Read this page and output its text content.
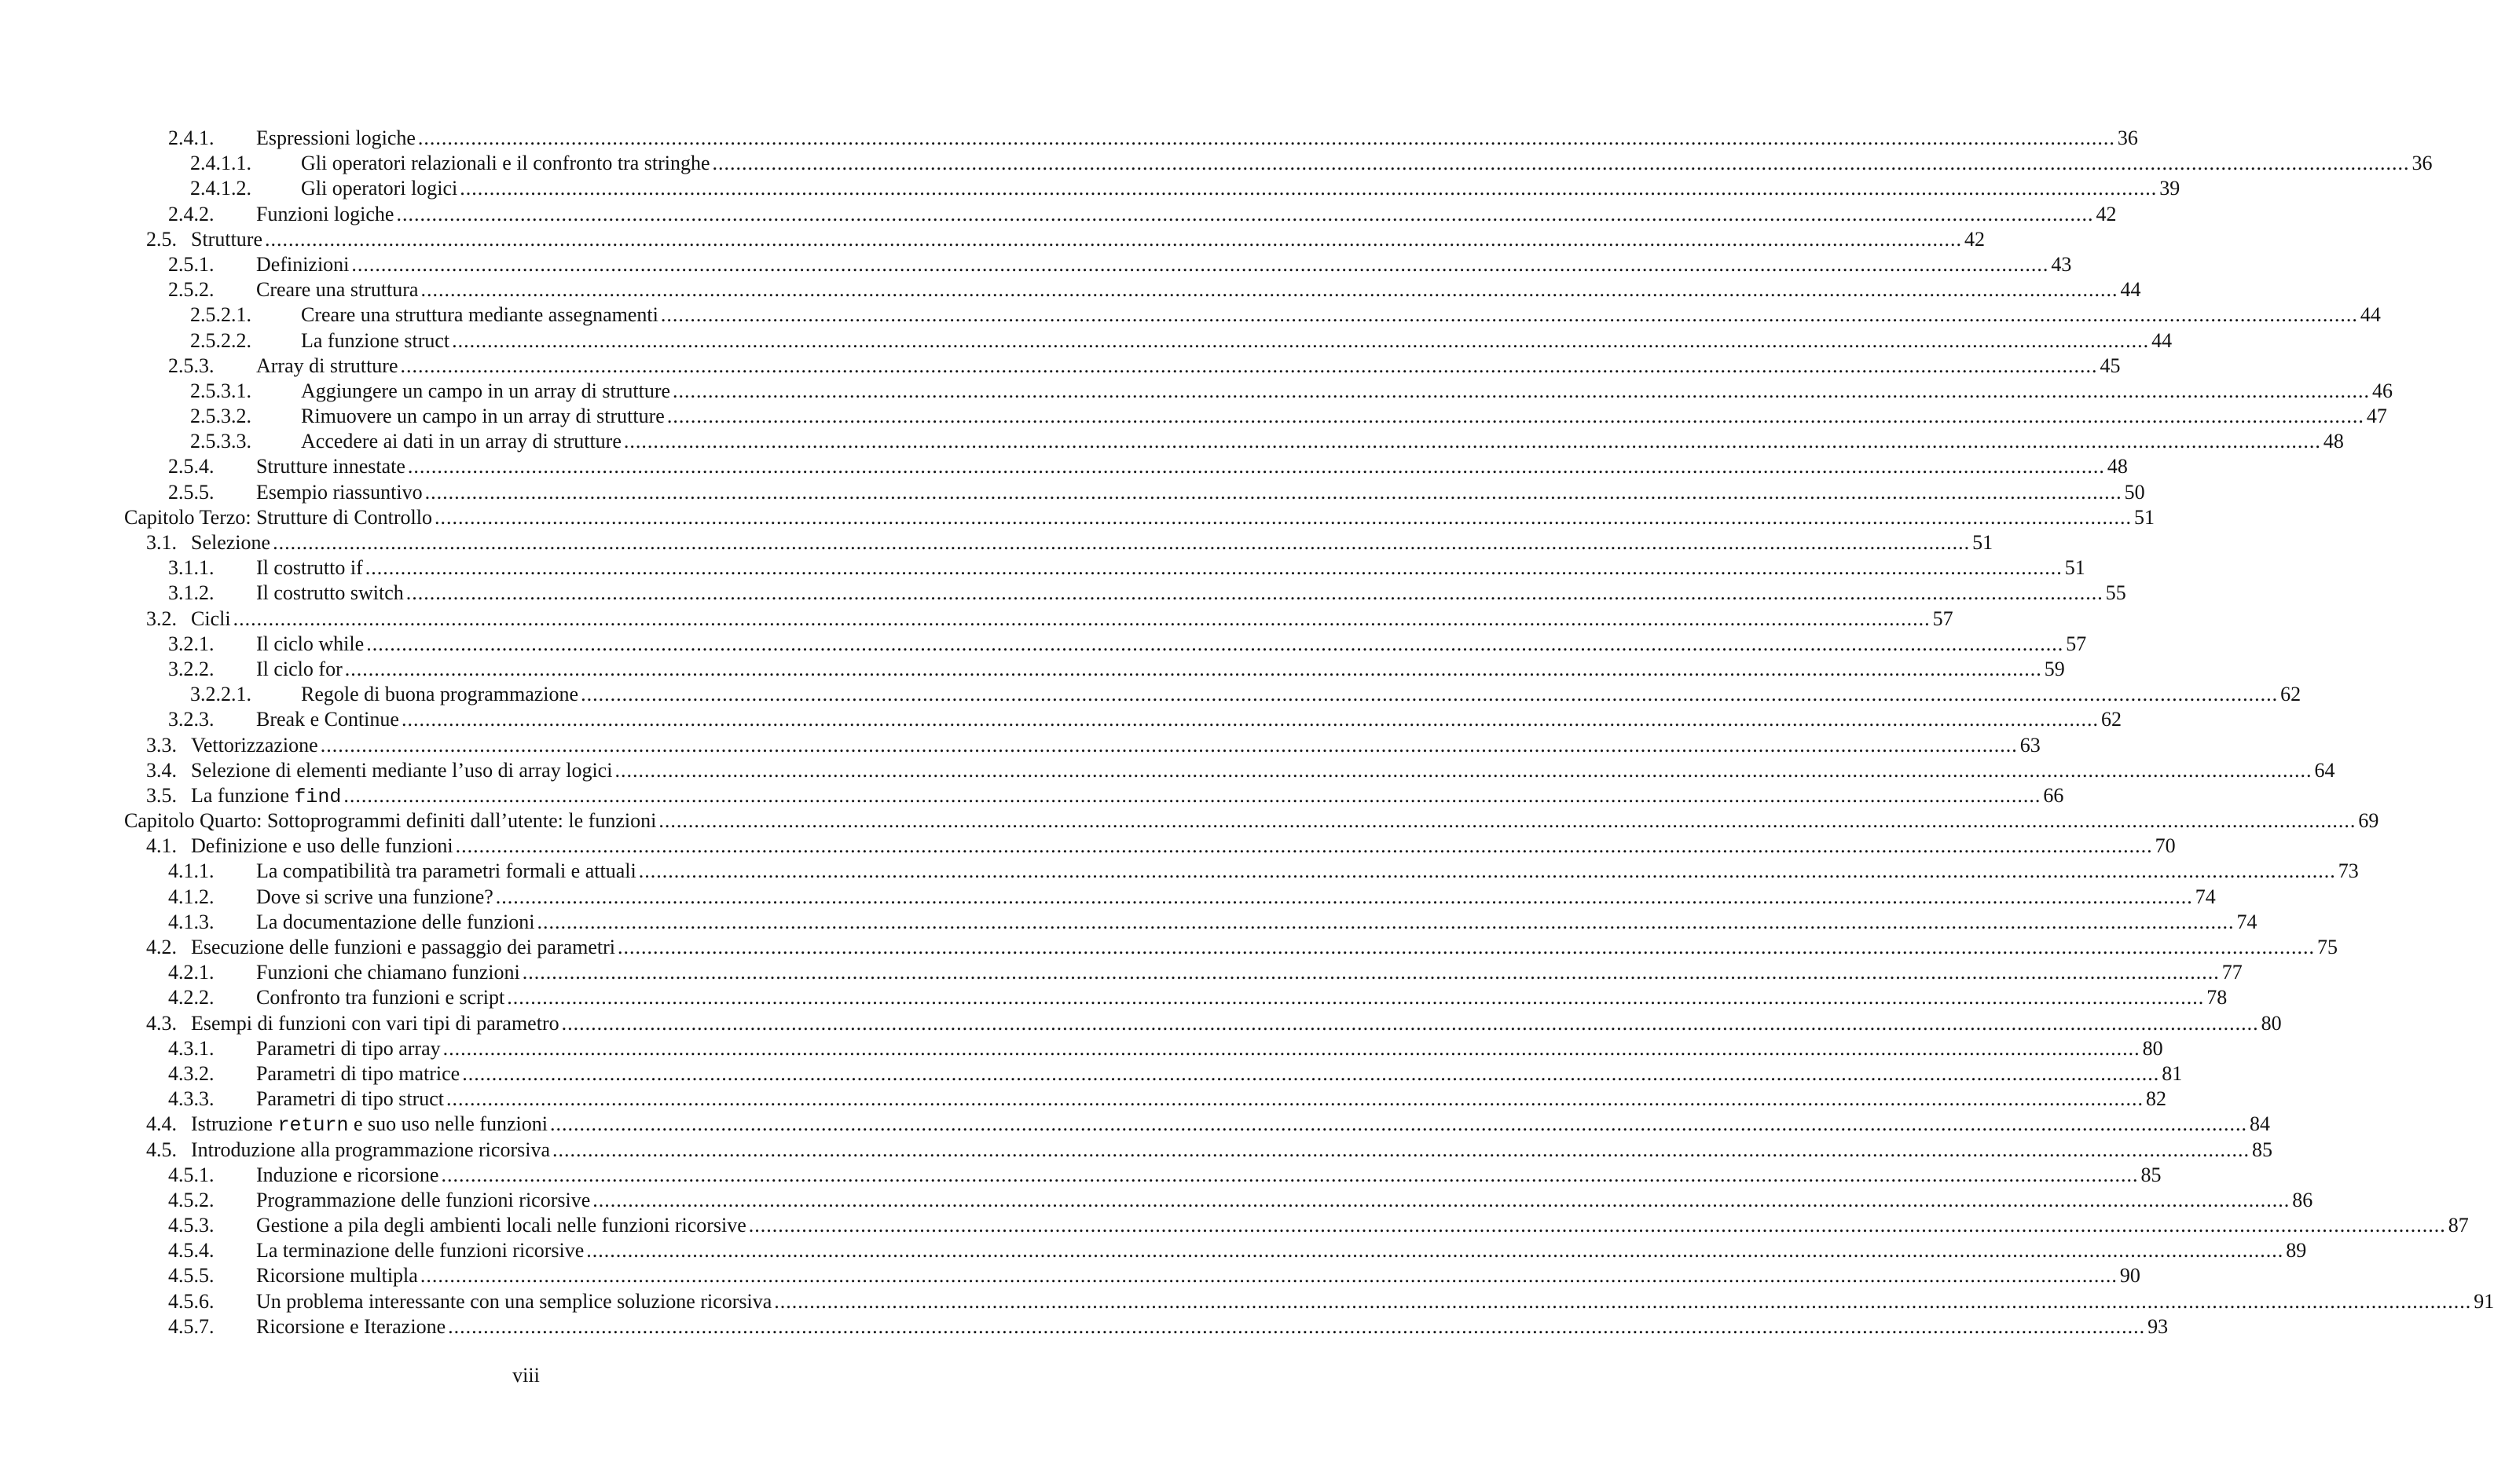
2.4.1.	Espressioni logiche .....	36
2.4.1.1.	Gli operatori relazionali e il confronto tra stringhe .....	36
2.4.1.2.	Gli operatori logici .....	39
2.4.2.	Funzioni logiche .....	42
2.5. Strutture .....	42
2.5.1.	Definizioni .....	43
2.5.2.	Creare una struttura .....	44
2.5.2.1.	Creare una struttura mediante assegnamenti .....	44
2.5.2.2.	La funzione struct .....	44
2.5.3.	Array di strutture .....	45
2.5.3.1.	Aggiungere un campo in un array di strutture .....	46
2.5.3.2.	Rimuovere un campo in un array di strutture .....	47
2.5.3.3.	Accedere ai dati in un array di strutture .....	48
2.5.4.	Strutture innestate .....	48
2.5.5.	Esempio riassuntivo .....	50
Capitolo Terzo: Strutture di Controllo .....	51
3.1. Selezione .....	51
3.1.1.	Il costrutto if .....	51
3.1.2.	Il costrutto switch .....	55
3.2. Cicli .....	57
3.2.1.	Il ciclo while .....	57
3.2.2.	Il ciclo for .....	59
3.2.2.1.	Regole di buona programmazione .....	62
3.2.3.	Break e Continue .....	62
3.3. Vettorizzazione .....	63
3.4. Selezione di elementi mediante l’uso di array logici .....	64
3.5. La funzione find .....	66
Capitolo Quarto: Sottoprogrammi definiti dall’utente: le funzioni .....	69
4.1. Definizione e uso delle funzioni .....	70
4.1.1.	La compatibilità tra parametri formali e attuali .....	73
4.1.2.	Dove si scrive una funzione? .....	74
4.1.3.	La documentazione delle funzioni .....	74
4.2. Esecuzione delle funzioni e passaggio dei parametri .....	75
4.2.1.	Funzioni che chiamano funzioni .....	77
4.2.2.	Confronto tra funzioni e script .....	78
4.3. Esempi di funzioni con vari tipi di parametro .....	80
4.3.1.	Parametri di tipo array .....	80
4.3.2.	Parametri di tipo matrice .....	81
4.3.3.	Parametri di tipo struct .....	82
4.4. Istruzione return e suo uso nelle funzioni .....	84
4.5. Introduzione alla programmazione ricorsiva .....	85
4.5.1.	Induzione e ricorsione .....	85
4.5.2.	Programmazione delle funzioni ricorsive .....	86
4.5.3.	Gestione a pila degli ambienti locali nelle funzioni ricorsive .....	87
4.5.4.	La terminazione delle funzioni ricorsive .....	89
4.5.5.	Ricorsione multipla .....	90
4.5.6.	Un problema interessante con una semplice soluzione ricorsiva .....	91
4.5.7.	Ricorsione e Iterazione .....	93
viii
